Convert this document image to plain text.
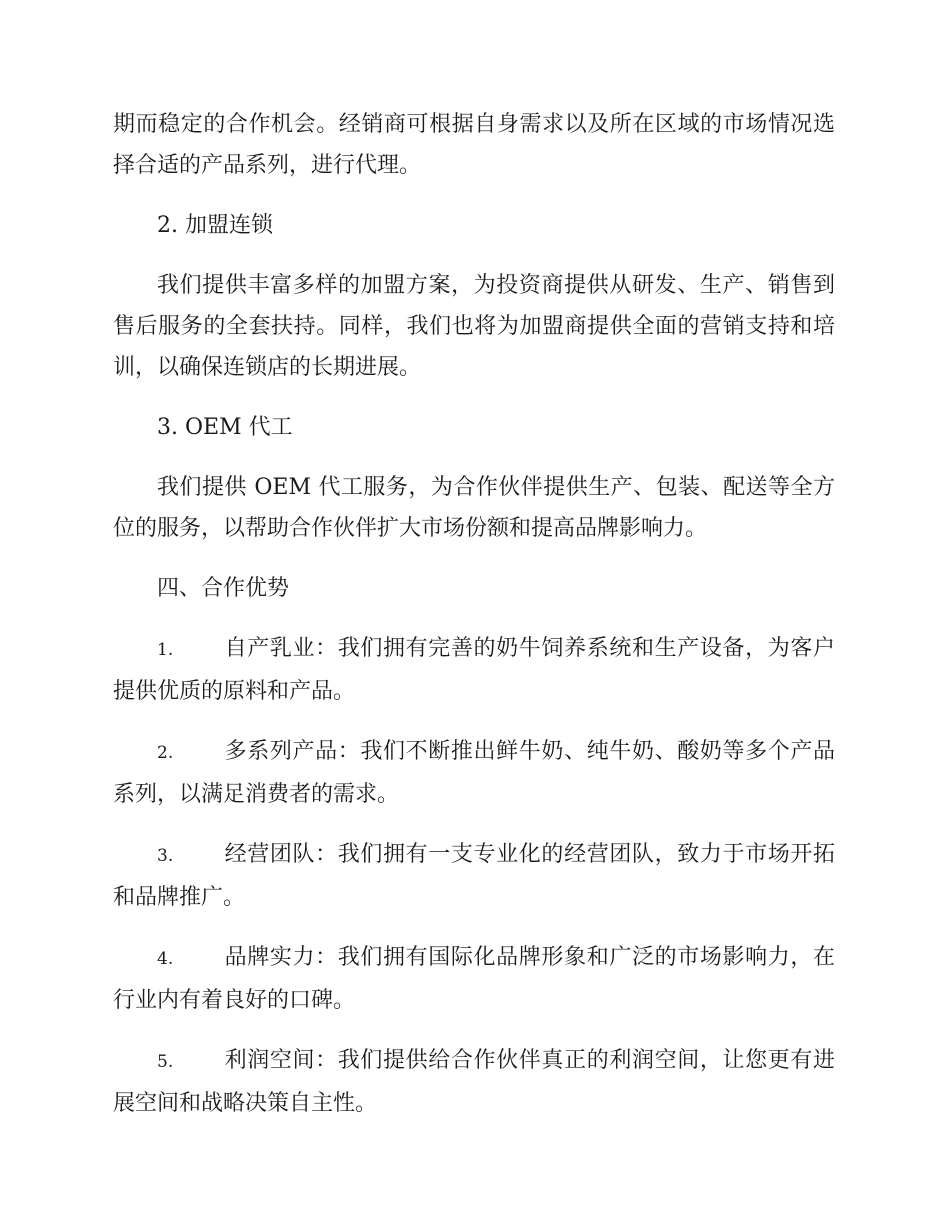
期而稳定的合作机会。经销商可根据自身需求以及所在区域的市场情况选择合适的产品系列，进行代理。

2. 加盟连锁

我们提供丰富多样的加盟方案，为投资商提供从研发、生产、销售到售后服务的全套扶持。同样，我们也将为加盟商提供全面的营销支持和培训，以确保连锁店的长期进展。

3. OEM 代工

我们提供 OEM 代工服务，为合作伙伴提供生产、包装、配送等全方位的服务，以帮助合作伙伴扩大市场份额和提高品牌影响力。

四、合作优势

1. 自产乳业：我们拥有完善的奶牛饲养系统和生产设备，为客户提供优质的原料和产品。

2. 多系列产品：我们不断推出鲜牛奶、纯牛奶、酸奶等多个产品系列，以满足消费者的需求。

3. 经营团队：我们拥有一支专业化的经营团队，致力于市场开拓和品牌推广。

4. 品牌实力：我们拥有国际化品牌形象和广泛的市场影响力，在行业内有着良好的口碑。

5. 利润空间：我们提供给合作伙伴真正的利润空间，让您更有进展空间和战略决策自主性。
